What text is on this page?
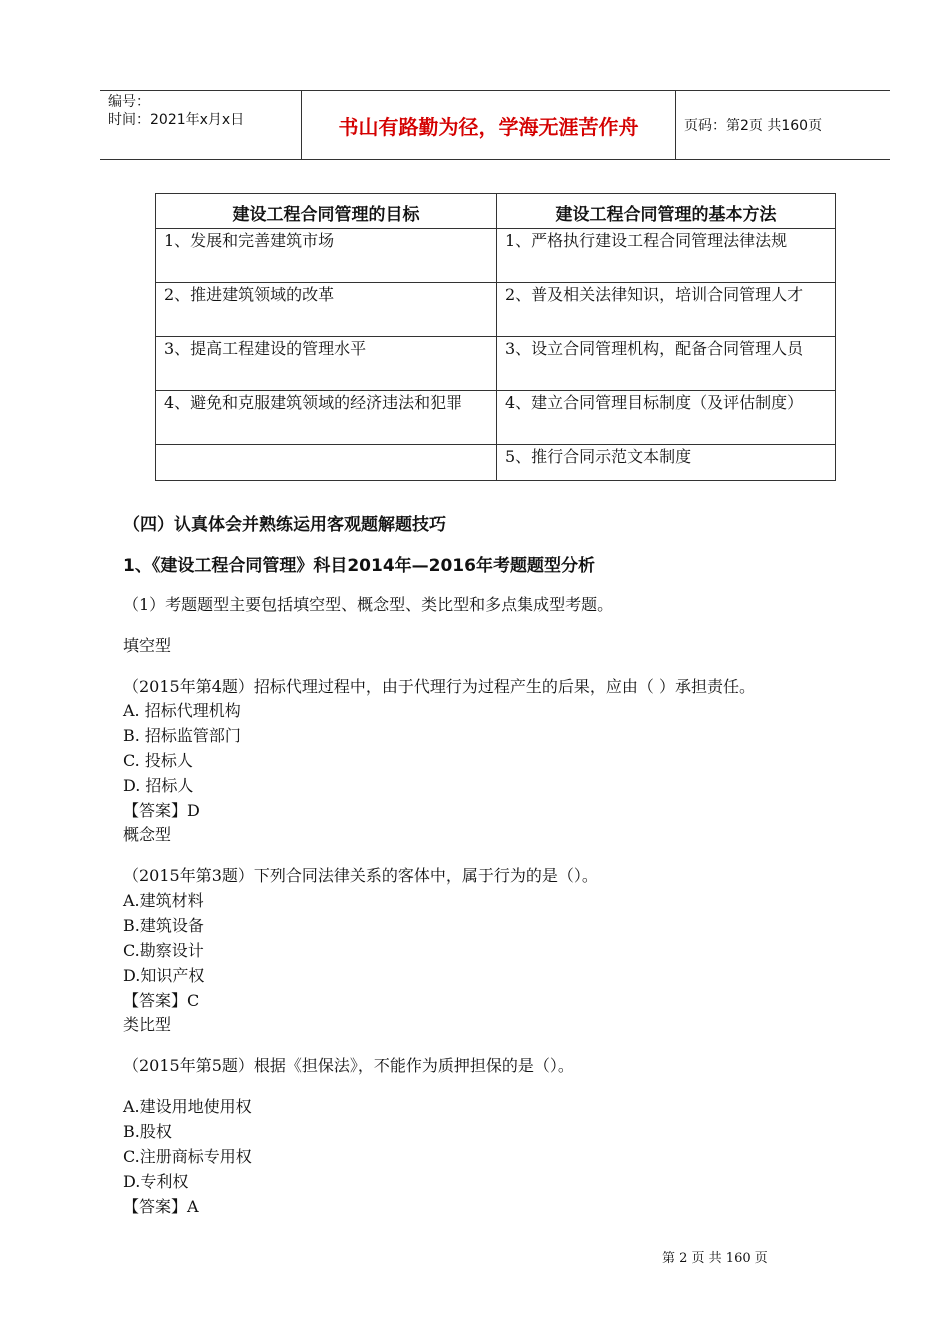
编号：
时间：2021年x月x日	书山有路勤为径，学海无涯苦作舟	页码：第2页 共160页
建设工程合同管理的目标	建设工程合同管理的基本方法
1、发展和完善建筑市场	1、严格执行建设工程合同管理法律法规
2、推进建筑领域的改革	2、普及相关法律知识，培训合同管理人才
3、提高工程建设的管理水平	3、设立合同管理机构，配备合同管理人员
4、避免和克服建筑领域的经济违法和犯罪	4、建立合同管理目标制度（及评估制度）
	5、推行合同示范文本制度
（四）认真体会并熟练运用客观题解题技巧
1、《建设工程合同管理》科目2014年—2016年考题题型分析
（1）考题题型主要包括填空型、概念型、类比型和多点集成型考题。
填空型
（2015年第4题）招标代理过程中，由于代理行为过程产生的后果，应由（ ）承担责任。
A. 招标代理机构
B. 招标监管部门
C. 投标人
D. 招标人
【答案】D
概念型
（2015年第3题）下列合同法律关系的客体中，属于行为的是（）。
A.建筑材料
B.建筑设备
C.勘察设计
D.知识产权
【答案】C
类比型
（2015年第5题）根据《担保法》，不能作为质押担保的是（）。
A.建设用地使用权
B.股权
C.注册商标专用权
D.专利权
【答案】A
第 2 页 共 160 页
